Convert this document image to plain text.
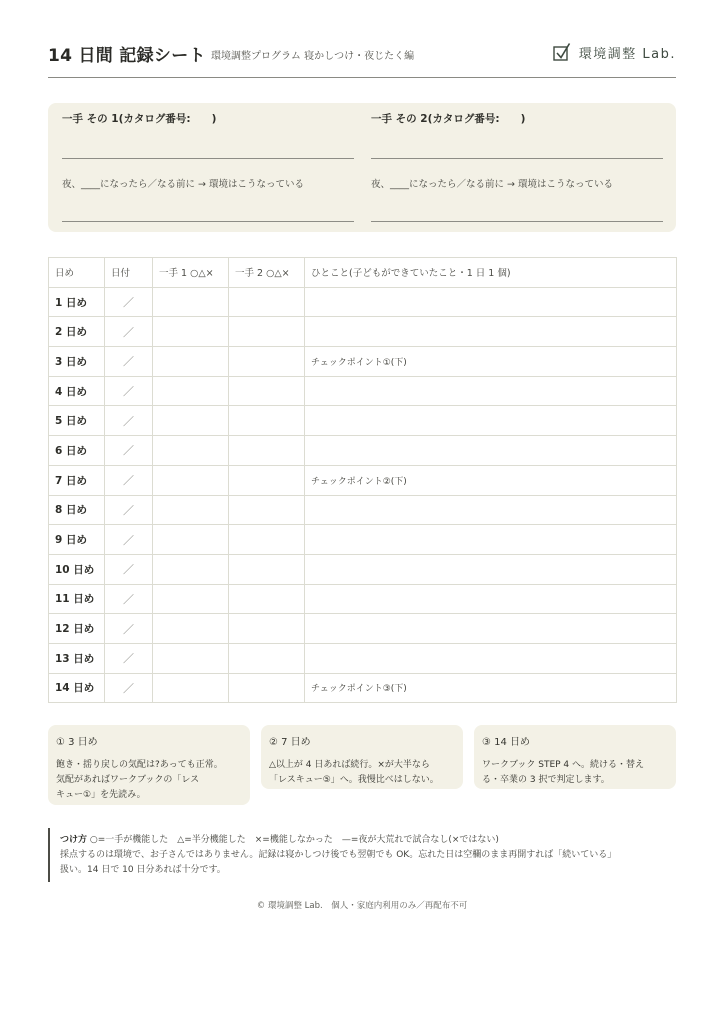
14 日間 記録シート 環境調整プログラム 寝かしつけ・夜じたく編	環境調整 Lab.
一手 その 1(カタログ番号:　　)
夜、____になったら／なる前に → 環境はこうなっている
一手 その 2(カタログ番号:　　)
夜、____になったら／なる前に → 環境はこうなっている
日め	日付	一手 1 ○△×	一手 2 ○△×	ひとこと(子どもができていたこと・1 日 1 個)
1 日め	／			
2 日め	／			
3 日め	／			チェックポイント①(下)
4 日め	／			
5 日め	／			
6 日め	／			
7 日め	／			チェックポイント②(下)
8 日め	／			
9 日め	／			
10 日め	／			
11 日め	／			
12 日め	／			
13 日め	／			
14 日め	／			チェックポイント③(下)
① 3 日め
飽き・揺り戻しの気配は?あっても正常。
気配があればワークブックの「レス
キュー①」を先読み。
② 7 日め
△以上が 4 日あれば続行。×が大半なら
「レスキュー⑤」へ。我慢比べはしない。
③ 14 日め
ワークブック STEP 4 へ。続ける・替え
る・卒業の 3 択で判定します。

つけ方 ○=一手が機能した　△=半分機能した　×=機能しなかった　—=夜が大荒れで試合なし(×ではない)

採点するのは環境で、お子さんではありません。記録は寝かしつけ後でも翌朝でも OK。忘れた日は空欄のまま再開すれば「続いている」

扱い。14 日で 10 日分あれば十分です。

© 環境調整 Lab.　個人・家庭内利用のみ／再配布不可
